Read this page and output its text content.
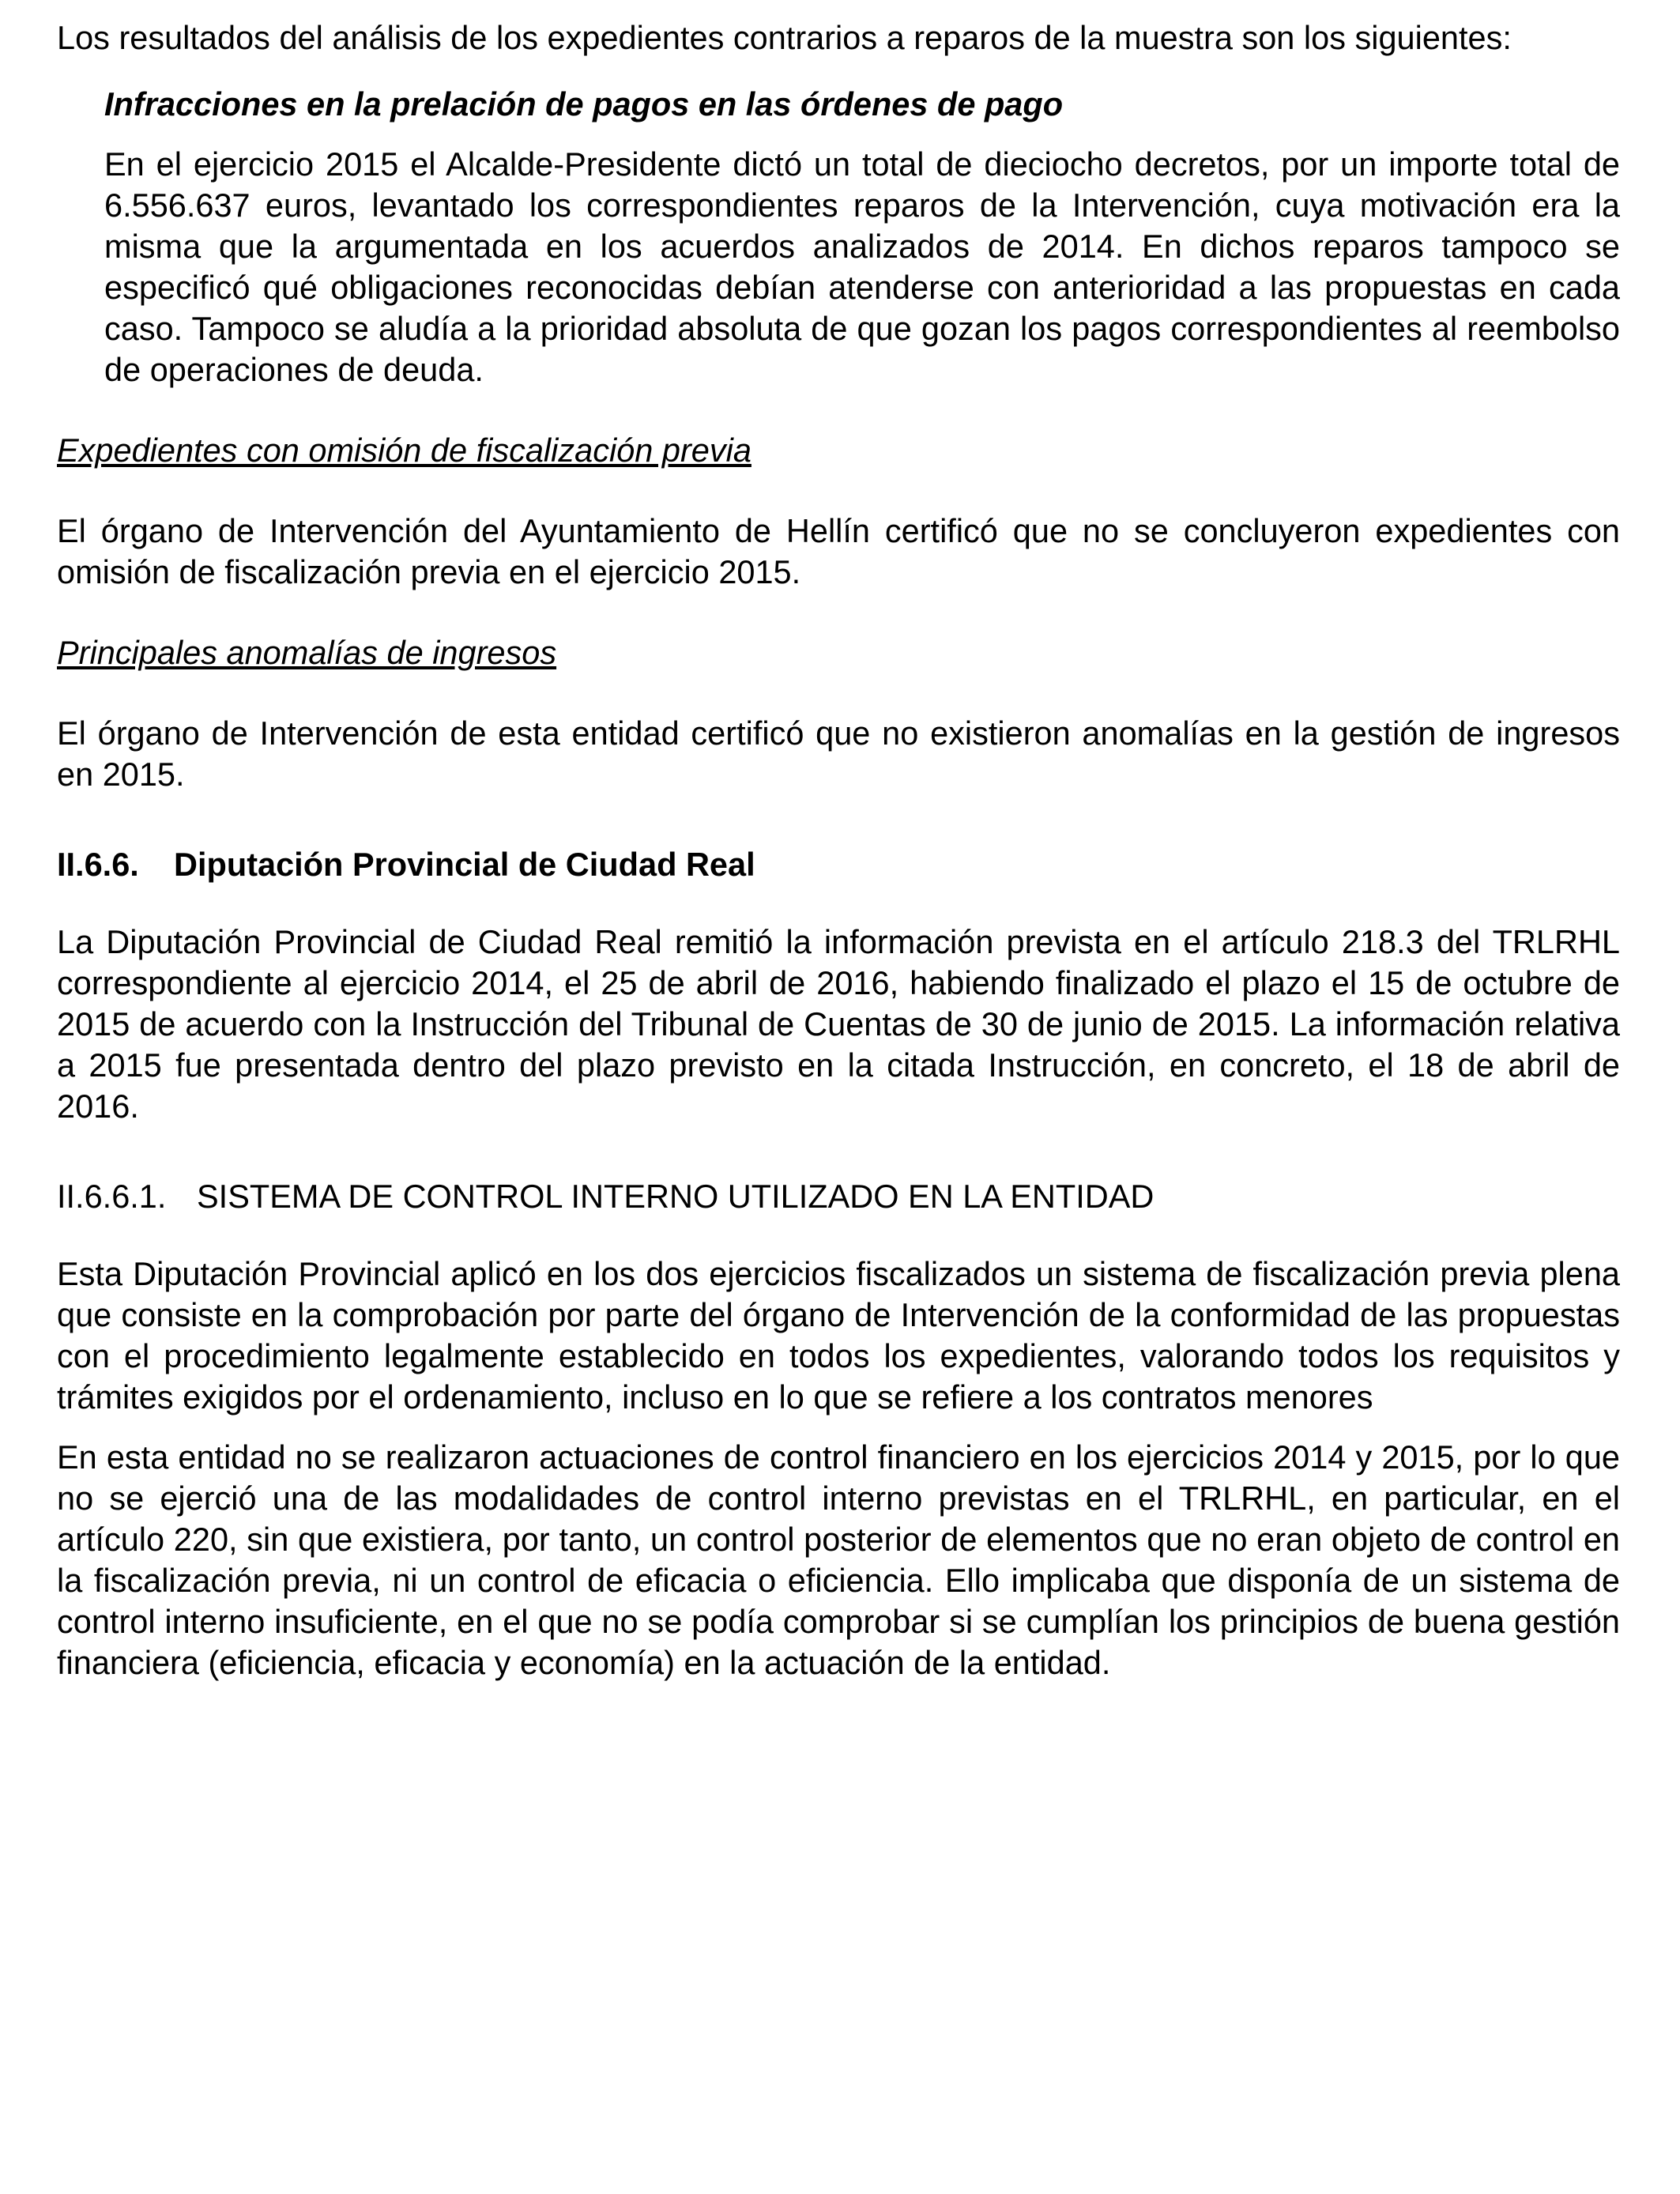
Los resultados del análisis de los expedientes contrarios a reparos de la muestra son los siguientes:

Infracciones en la prelación de pagos en las órdenes de pago

En el ejercicio 2015 el Alcalde-Presidente dictó un total de dieciocho decretos, por un importe total de 6.556.637 euros, levantado los correspondientes reparos de la Intervención, cuya motivación era la misma que la argumentada en los acuerdos analizados de 2014. En dichos reparos tampoco se especificó qué obligaciones reconocidas debían atenderse con anterioridad a las propuestas en cada caso. Tampoco se aludía a la prioridad absoluta de que gozan los pagos correspondientes al reembolso de operaciones de deuda.

Expedientes con omisión de fiscalización previa

El órgano de Intervención del Ayuntamiento de Hellín certificó que no se concluyeron expedientes con omisión de fiscalización previa en el ejercicio 2015.

Principales anomalías de ingresos

El órgano de Intervención de esta entidad certificó que no existieron anomalías en la gestión de ingresos en 2015.

II.6.6. Diputación Provincial de Ciudad Real

La Diputación Provincial de Ciudad Real remitió la información prevista en el artículo 218.3 del TRLRHL correspondiente al ejercicio 2014, el 25 de abril de 2016, habiendo finalizado el plazo el 15 de octubre de 2015 de acuerdo con la Instrucción del Tribunal de Cuentas de 30 de junio de 2015. La información relativa a 2015 fue presentada dentro del plazo previsto en la citada Instrucción, en concreto, el 18 de abril de 2016.

II.6.6.1. SISTEMA DE CONTROL INTERNO UTILIZADO EN LA ENTIDAD

Esta Diputación Provincial aplicó en los dos ejercicios fiscalizados un sistema de fiscalización previa plena que consiste en la comprobación por parte del órgano de Intervención de la conformidad de las propuestas con el procedimiento legalmente establecido en todos los expedientes, valorando todos los requisitos y trámites exigidos por el ordenamiento, incluso en lo que se refiere a los contratos menores

En esta entidad no se realizaron actuaciones de control financiero en los ejercicios 2014 y 2015, por lo que no se ejerció una de las modalidades de control interno previstas en el TRLRHL, en particular, en el artículo 220, sin que existiera, por tanto, un control posterior de elementos que no eran objeto de control en la fiscalización previa, ni un control de eficacia o eficiencia. Ello implicaba que disponía de un sistema de control interno insuficiente, en el que no se podía comprobar si se cumplían los principios de buena gestión financiera (eficiencia, eficacia y economía) en la actuación de la entidad.
